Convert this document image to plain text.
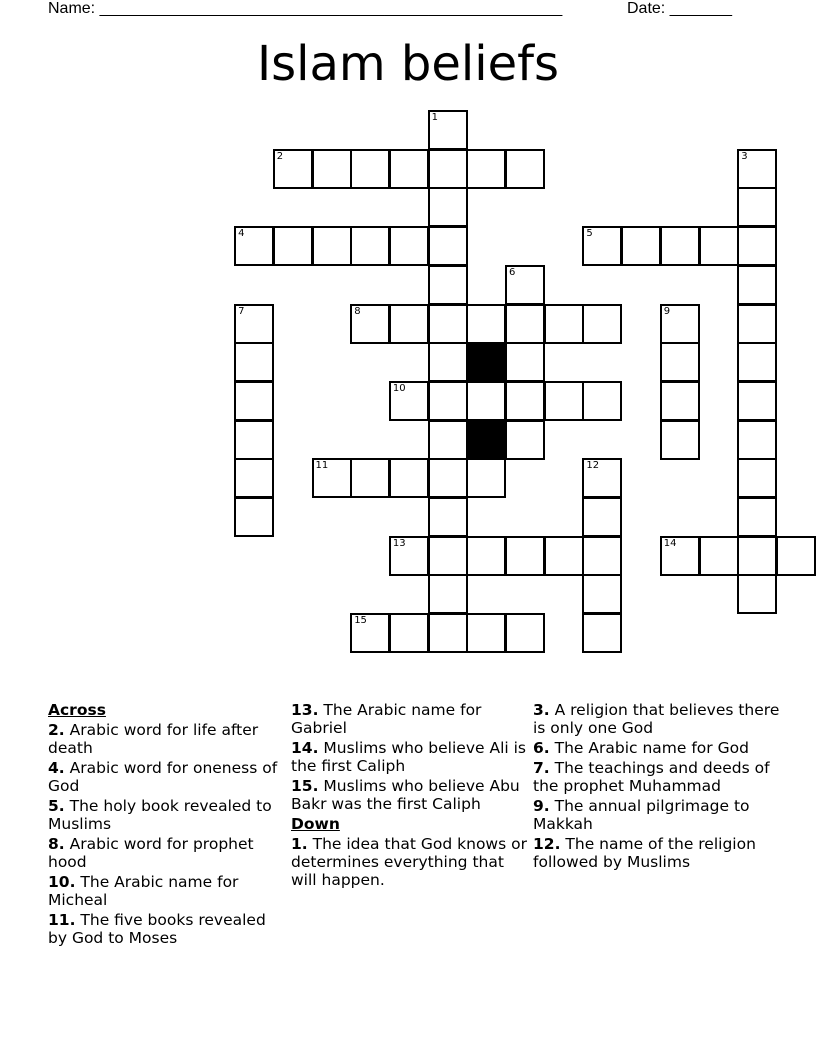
Name: ____________________________________________________	Date: _______
Islam beliefs
1
2	3
4	5
6
7	8	9
10
11	12
13	14
15
Across
2. Arabic word for life after death
4. Arabic word for oneness of God
5. The holy book revealed to Muslims
8. Arabic word for prophet hood
10. The Arabic name for Micheal
11. The five books revealed by God to Moses
13. The Arabic name for Gabriel
14. Muslims who believe Ali is the first Caliph
15. Muslims who believe Abu Bakr was the first Caliph
Down
1. The idea that God knows or determines everything that will happen.
3. A religion that believes there is only one God
6. The Arabic name for God
7. The teachings and deeds of the prophet Muhammad
9. The annual pilgrimage to Makkah
12. The name of the religion followed by Muslims
